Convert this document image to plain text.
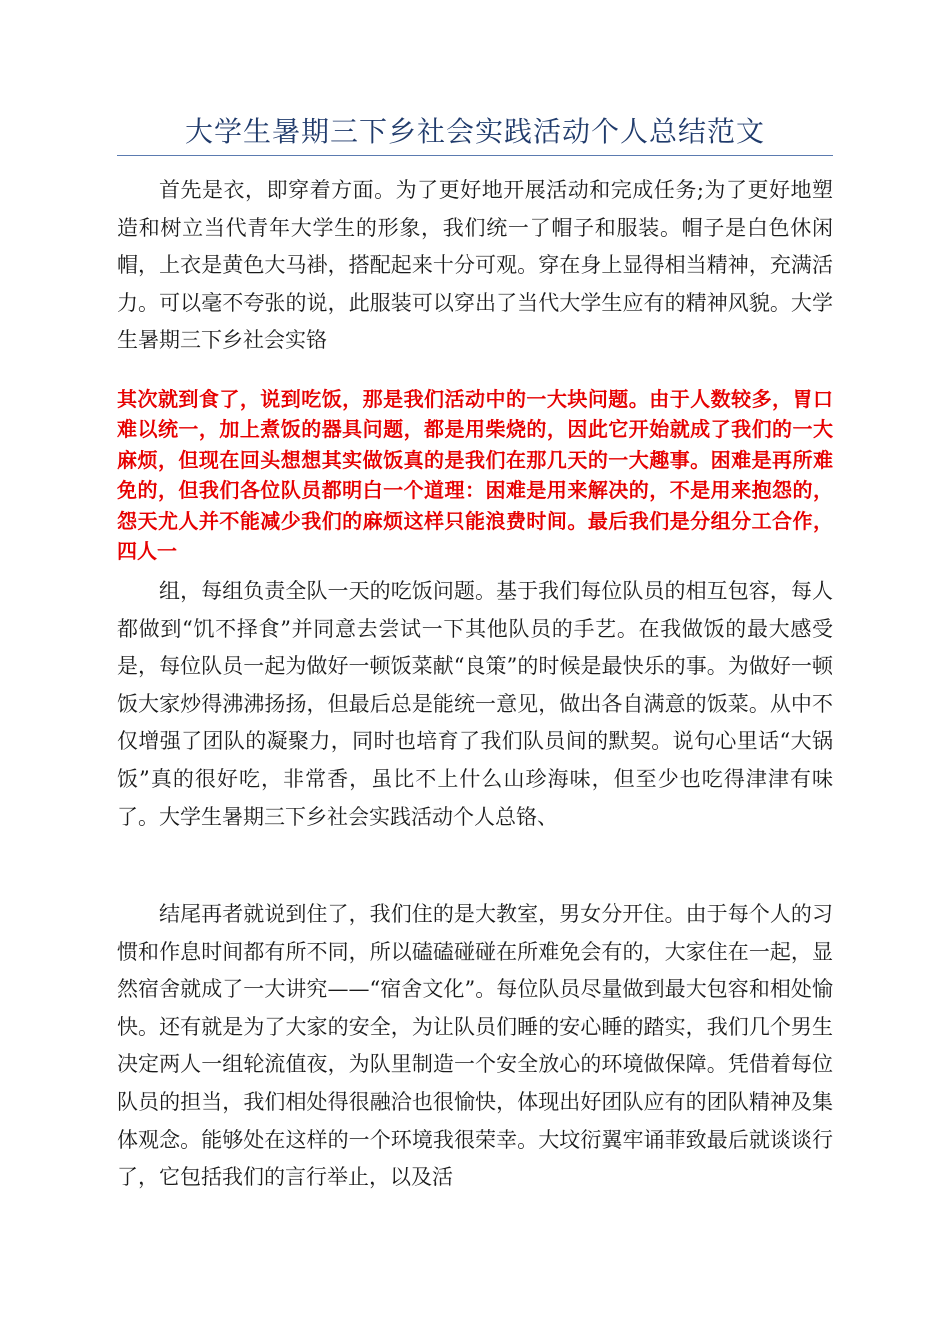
大学生暑期三下乡社会实践活动个人总结范文

首先是衣，即穿着方面。为了更好地开展活动和完成任务;为了更好地塑造和树立当代青年大学生的形象，我们统一了帽子和服装。帽子是白色休闲帽，上衣是黄色大马褂，搭配起来十分可观。穿在身上显得相当精神，充满活力。可以毫不夸张的说，此服装可以穿出了当代大学生应有的精神风貌。大学生暑期三下乡社会实铬

其次就到食了，说到吃饭，那是我们活动中的一大块问题。由于人数较多，胃口难以统一，加上煮饭的器具问题，都是用柴烧的，因此它开始就成了我们的一大麻烦，但现在回头想想其实做饭真的是我们在那几天的一大趣事。困难是再所难免的，但我们各位队员都明白一个道理：困难是用来解决的，不是用来抱怨的，怨天尤人并不能减少我们的麻烦这样只能浪费时间。最后我们是分组分工合作，四人一

组，每组负责全队一天的吃饭问题。基于我们每位队员的相互包容，每人都做到“饥不择食”并同意去尝试一下其他队员的手艺。在我做饭的最大感受是，每位队员一起为做好一顿饭菜献“良策”的时候是最快乐的事。为做好一顿饭大家炒得沸沸扬扬，但最后总是能统一意见，做出各自满意的饭菜。从中不仅增强了团队的凝聚力，同时也培育了我们队员间的默契。说句心里话“大锅饭”真的很好吃，非常香，虽比不上什么山珍海味，但至少也吃得津津有味了。大学生暑期三下乡社会实践活动个人总铬、

结尾再者就说到住了，我们住的是大教室，男女分开住。由于每个人的习惯和作息时间都有所不同，所以磕磕碰碰在所难免会有的，大家住在一起，显然宿舍就成了一大讲究——“宿舍文化”。每位队员尽量做到最大包容和相处愉快。还有就是为了大家的安全，为让队员们睡的安心睡的踏实，我们几个男生决定两人一组轮流值夜，为队里制造一个安全放心的环境做保障。凭借着每位队员的担当，我们相处得很融洽也很愉快，体现出好团队应有的团队精神及集体观念。能够处在这样的一个环境我很荣幸。大坟衍翼牢诵菲致最后就谈谈行了，它包括我们的言行举止，以及活
